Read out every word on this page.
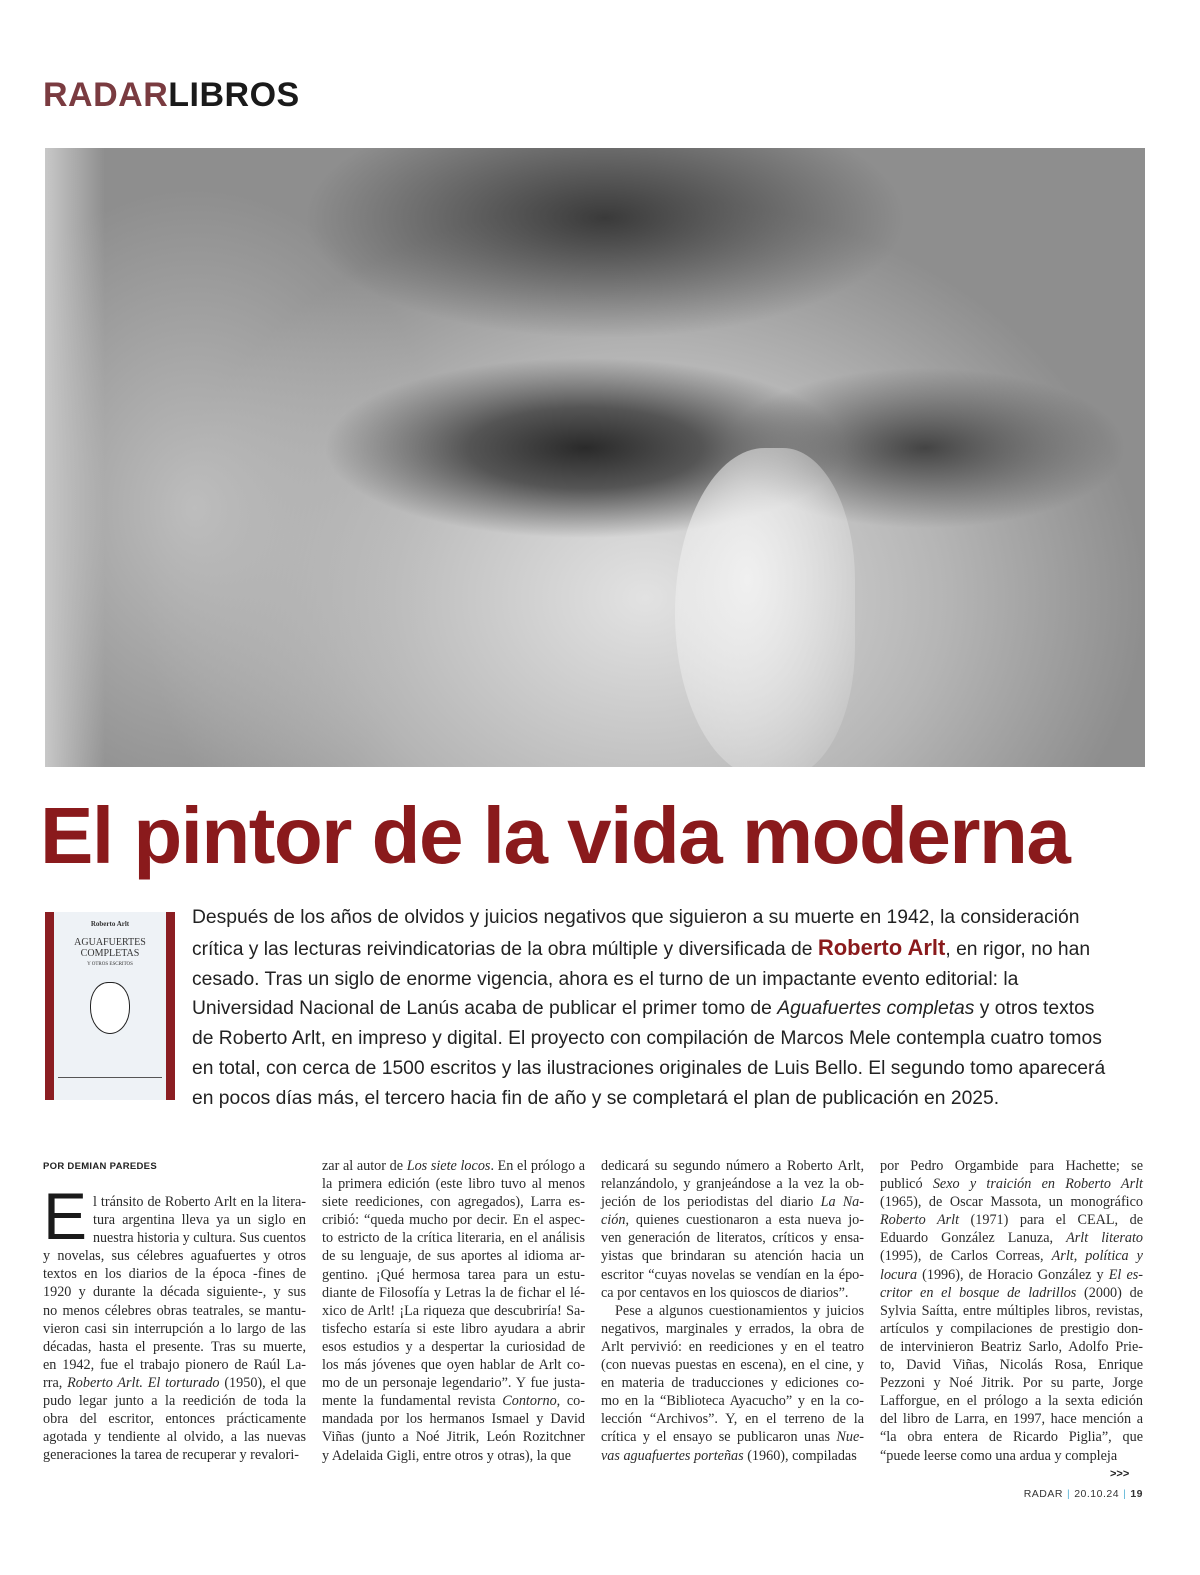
RADARLIBROS
El pintor de la vida moderna
Roberto Arlt
AGUAFUERTES COMPLETAS
Y OTROS ESCRITOS
Después de los años de olvidos y juicios negativos que siguieron a su muerte en 1942, la consideración
crítica y las lecturas reivindicatorias de la obra múltiple y diversificada de Roberto Arlt, en rigor, no han
cesado. Tras un siglo de enorme vigencia, ahora es el turno de un impactante evento editorial: la
Universidad Nacional de Lanús acaba de publicar el primer tomo de Aguafuertes completas y otros textos
de Roberto Arlt, en impreso y digital. El proyecto con compilación de Marcos Mele contempla cuatro tomos
en total, con cerca de 1500 escritos y las ilustraciones originales de Luis Bello. El segundo tomo aparecerá
en pocos días más, el tercero hacia fin de año y se completará el plan de publicación en 2025.
POR DEMIAN PAREDES
E l tránsito de Roberto Arlt en la litera-
tura argentina lleva ya un siglo en
nuestra historia y cultura. Sus cuentos
y novelas, sus célebres aguafuertes y otros
textos en los diarios de la época -fines de
1920 y durante la década siguiente-, y sus
no menos célebres obras teatrales, se mantu-
vieron casi sin interrupción a lo largo de las
décadas, hasta el presente. Tras su muerte,
en 1942, fue el trabajo pionero de Raúl La-
rra, Roberto Arlt. El torturado (1950), el que
pudo legar junto a la reedición de toda la
obra del escritor, entonces prácticamente
agotada y tendiente al olvido, a las nuevas
generaciones la tarea de recuperar y revalori-
zar al autor de Los siete locos. En el prólogo a
la primera edición (este libro tuvo al menos
siete reediciones, con agregados), Larra es-
cribió: “queda mucho por decir. En el aspec-
to estricto de la crítica literaria, en el análisis
de su lenguaje, de sus aportes al idioma ar-
gentino. ¡Qué hermosa tarea para un estu-
diante de Filosofía y Letras la de fichar el lé-
xico de Arlt! ¡La riqueza que descubriría! Sa-
tisfecho estaría si este libro ayudara a abrir
esos estudios y a despertar la curiosidad de
los más jóvenes que oyen hablar de Arlt co-
mo de un personaje legendario”. Y fue justa-
mente la fundamental revista Contorno, co-
mandada por los hermanos Ismael y David
Viñas (junto a Noé Jitrik, León Rozitchner
y Adelaida Gigli, entre otros y otras), la que
dedicará su segundo número a Roberto Arlt,
relanzándolo, y granjeándose a la vez la ob-
jeción de los periodistas del diario La Na-
ción, quienes cuestionaron a esta nueva jo-
ven generación de literatos, críticos y ensa-
yistas que brindaran su atención hacia un
escritor “cuyas novelas se vendían en la épo-
ca por centavos en los quioscos de diarios”.
Pese a algunos cuestionamientos y juicios
negativos, marginales y errados, la obra de
Arlt pervivió: en reediciones y en el teatro
(con nuevas puestas en escena), en el cine, y
en materia de traducciones y ediciones co-
mo en la “Biblioteca Ayacucho” y en la co-
lección “Archivos”. Y, en el terreno de la
crítica y el ensayo se publicaron unas Nue-
vas aguafuertes porteñas (1960), compiladas
por Pedro Orgambide para Hachette; se
publicó Sexo y traición en Roberto Arlt
(1965), de Oscar Massota, un monográfico
Roberto Arlt (1971) para el CEAL, de
Eduardo González Lanuza, Arlt literato
(1995), de Carlos Correas, Arlt, política y
locura (1996), de Horacio González y El es-
critor en el bosque de ladrillos (2000) de
Sylvia Saítta, entre múltiples libros, revistas,
artículos y compilaciones de prestigio don-
de intervinieron Beatriz Sarlo, Adolfo Prie-
to, David Viñas, Nicolás Rosa, Enrique
Pezzoni y Noé Jitrik. Por su parte, Jorge
Lafforgue, en el prólogo a la sexta edición
del libro de Larra, en 1997, hace mención a
“la obra entera de Ricardo Piglia”, que
“puede leerse como una ardua y compleja
>>>
RADAR | 20.10.24 | 19
